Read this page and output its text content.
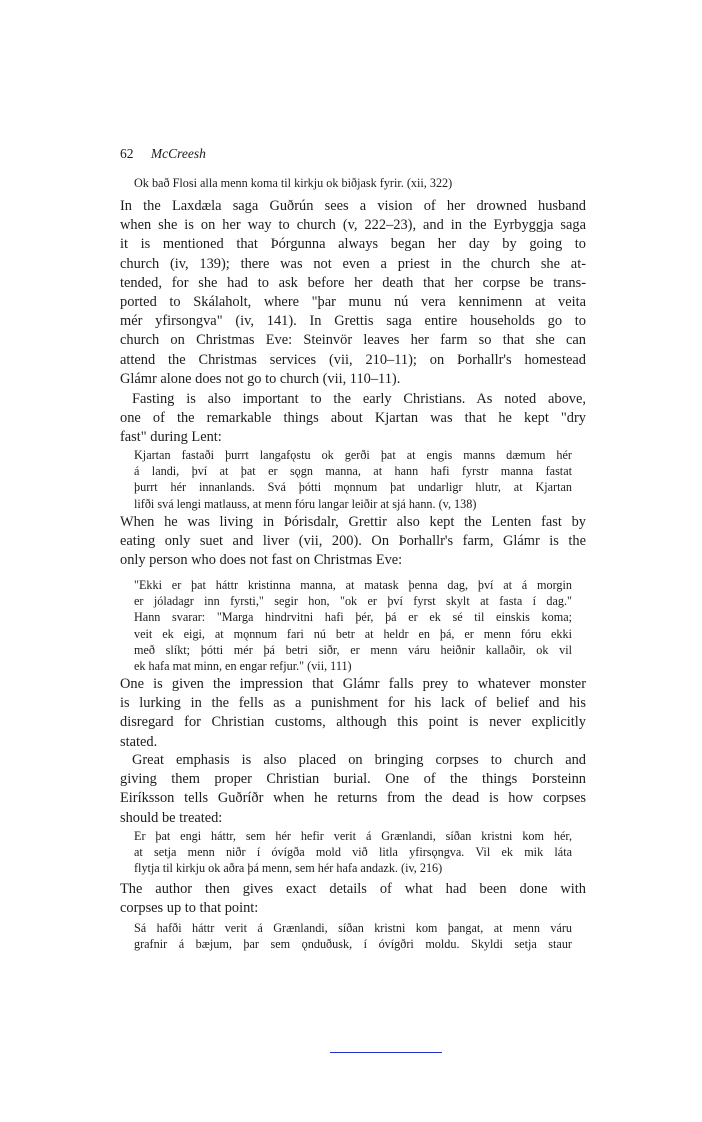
62 McCreesh
Ok bað Flosi alla menn koma til kirkju ok biðjask fyrir. (xii, 322)
In the Laxdæla saga Guðrún sees a vision of her drowned husband
when she is on her way to church (v, 222–23), and in the Eyrbyggja saga
it is mentioned that Þórgunna always began her day by going to
church (iv, 139); there was not even a priest in the church she at-
tended, for she had to ask before her death that her corpse be trans-
ported to Skálaholt, where "þar munu nú vera kennimenn at veita
mér yfirsongva" (iv, 141). In Grettis saga entire households go to
church on Christmas Eve: Steinvör leaves her farm so that she can
attend the Christmas services (vii, 210–11); on Þorhallr's homestead
Glámr alone does not go to church (vii, 110–11).
Fasting is also important to the early Christians. As noted above,
one of the remarkable things about Kjartan was that he kept "dry
fast" during Lent:
Kjartan fastaði þurrt langafǫstu ok gerði þat at engis manns dæmum hér
á landi, því at þat er sǫgn manna, at hann hafi fyrstr manna fastat
þurrt hér innanlands. Svá þótti mǫnnum þat undarligr hlutr, at Kjartan
lifði svá lengi matlauss, at menn fóru langar leiðir at sjá hann. (v, 138)
When he was living in Þórisdalr, Grettir also kept the Lenten fast by
eating only suet and liver (vii, 200). On Þorhallr's farm, Glámr is the
only person who does not fast on Christmas Eve:
"Ekki er þat háttr kristinna manna, at matask þenna dag, því at á morgin
er jóladagr inn fyrsti," segir hon, "ok er því fyrst skylt at fasta í dag."
Hann svarar: "Marga hindrvitni hafi þér, þá er ek sé til einskis koma;
veit ek eigi, at mǫnnum fari nú betr at heldr en þá, er menn fóru ekki
með slíkt; þótti mér þá betri siðr, er menn váru heiðnir kallaðir, ok vil
ek hafa mat minn, en engar refjur." (vii, 111)
One is given the impression that Glámr falls prey to whatever monster
is lurking in the fells as a punishment for his lack of belief and his
disregard for Christian customs, although this point is never explicitly
stated.
Great emphasis is also placed on bringing corpses to church and
giving them proper Christian burial. One of the things Þorsteinn
Eiríksson tells Guðríðr when he returns from the dead is how corpses
should be treated:
Er þat engi háttr, sem hér hefir verit á Grænlandi, síðan kristni kom hér,
at setja menn niðr í óvígða mold við litla yfirsǫngva. Vil ek mik láta
flytja til kirkju ok aðra þá menn, sem hér hafa andazk. (iv, 216)
The author then gives exact details of what had been done with
corpses up to that point:
Sá hafði háttr verit á Grænlandi, síðan kristni kom þangat, at menn váru
grafnir á bæjum, þar sem ǫnduðusk, í óvígðri moldu. Skyldi setja staur
